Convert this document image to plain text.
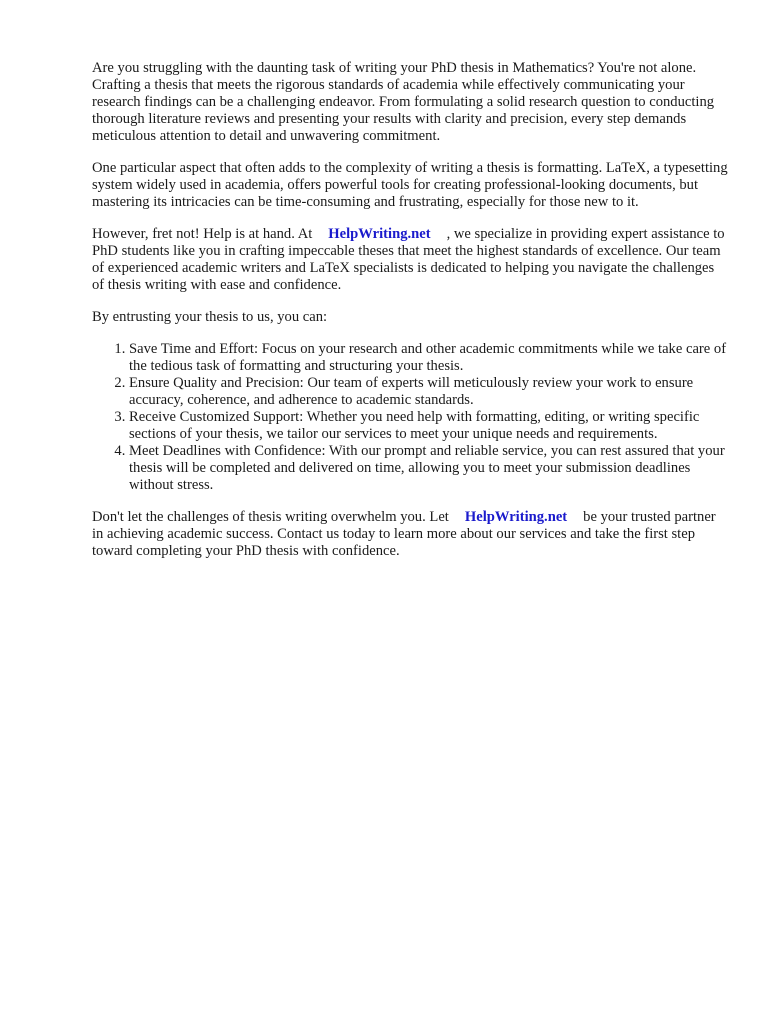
Are you struggling with the daunting task of writing your PhD thesis in Mathematics? You're not alone. Crafting a thesis that meets the rigorous standards of academia while effectively communicating your research findings can be a challenging endeavor. From formulating a solid research question to conducting thorough literature reviews and presenting your results with clarity and precision, every step demands meticulous attention to detail and unwavering commitment.

One particular aspect that often adds to the complexity of writing a thesis is formatting. LaTeX, a typesetting system widely used in academia, offers powerful tools for creating professional-looking documents, but mastering its intricacies can be time-consuming and frustrating, especially for those new to it.

However, fret not! Help is at hand. At HelpWriting.net , we specialize in providing expert assistance to PhD students like you in crafting impeccable theses that meet the highest standards of excellence. Our team of experienced academic writers and LaTeX specialists is dedicated to helping you navigate the challenges of thesis writing with ease and confidence.

By entrusting your thesis to us, you can:

1. Save Time and Effort: Focus on your research and other academic commitments while we take care of the tedious task of formatting and structuring your thesis.
2. Ensure Quality and Precision: Our team of experts will meticulously review your work to ensure accuracy, coherence, and adherence to academic standards.
3. Receive Customized Support: Whether you need help with formatting, editing, or writing specific sections of your thesis, we tailor our services to meet your unique needs and requirements.
4. Meet Deadlines with Confidence: With our prompt and reliable service, you can rest assured that your thesis will be completed and delivered on time, allowing you to meet your submission deadlines without stress.

Don't let the challenges of thesis writing overwhelm you. Let HelpWriting.net be your trusted partner in achieving academic success. Contact us today to learn more about our services and take the first step toward completing your PhD thesis with confidence.
